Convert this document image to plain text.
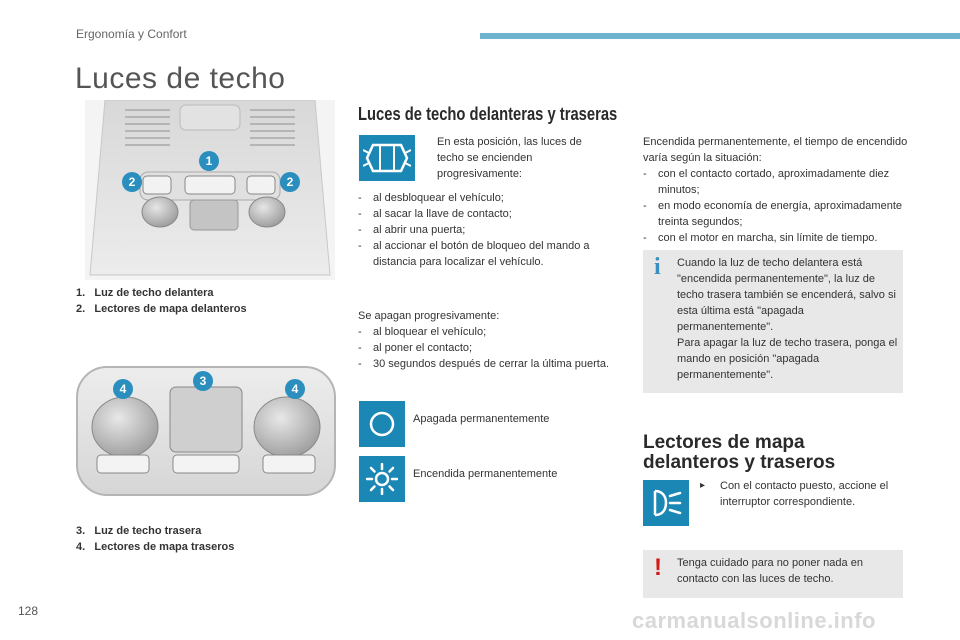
Ergonomía y Confort
Luces de techo
1
2	2
1. Luz de techo delantera
2. Lectores de mapa delanteros
3
4	4
3. Luz de techo trasera
4. Lectores de mapa traseros
Luces de techo delanteras y traseras
En esta posición, las luces de techo se encienden progresivamente:
- al desbloquear el vehículo;
- al sacar la llave de contacto;
- al abrir una puerta;
- al accionar el botón de bloqueo del mando a distancia para localizar el vehículo.

Se apagan progresivamente:

- al bloquear el vehículo;
- al poner el contacto;
- 30 segundos después de cerrar la última puerta.
Apagada permanentemente
Encendida permanentemente

Encendida permanentemente, el tiempo de encendido varía según la situación:

- con el contacto cortado, aproximadamente diez minutos;
- en modo economía de energía, aproximadamente treinta segundos;
- con el motor en marcha, sin límite de tiempo.
i Cuando la luz de techo delantera está "encendida permanentemente", la luz de techo trasera también se encenderá, salvo si esta última está "apagada permanentemente".

Para apagar la luz de techo trasera, ponga el mando en posición "apagada permanentemente".

Lectores de mapa delanteros y traseros
▸	Con el contacto puesto, accione el interruptor correspondiente.
! Tenga cuidado para no poner nada en contacto con las luces de techo.
128	carmanualsonline.info
